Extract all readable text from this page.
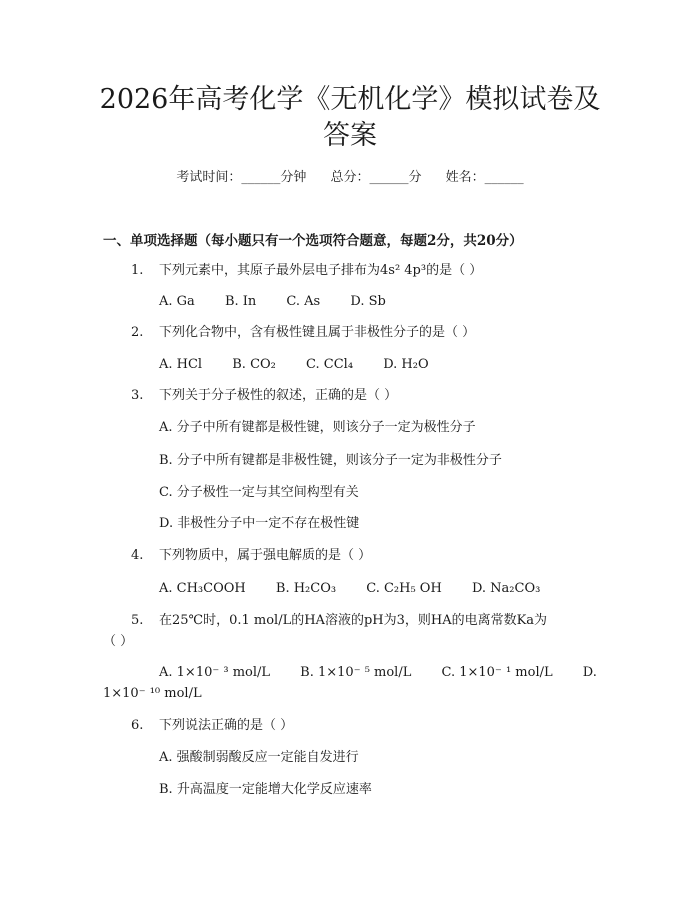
2026年高考化学《无机化学》模拟试卷及答案
考试时间：______分钟 总分：______分 姓名：______
一、单项选择题（每小题只有一个选项符合题意，每题2分，共20分）
1. 下列元素中，其原子最外层电子排布为4s² 4p³的是（ ）
A. Ga B. In C. As D. Sb
2. 下列化合物中，含有极性键且属于非极性分子的是（ ）
A. HCl B. CO₂ C. CCl₄ D. H₂O
3. 下列关于分子极性的叙述，正确的是（ ）
A. 分子中所有键都是极性键，则该分子一定为极性分子
B. 分子中所有键都是非极性键，则该分子一定为非极性分子
C. 分子极性一定与其空间构型有关
D. 非极性分子中一定不存在极性键
4. 下列物质中，属于强电解质的是（ ）
A. CH₃COOH B. H₂CO₃ C. C₂H₅ OH D. Na₂CO₃
5. 在25℃时，0.1 mol/L的HA溶液的pH为3，则HA的电离常数Ka为
（ ）
A. 1×10⁻ ³ mol/L B. 1×10⁻ ⁵ mol/L C. 1×10⁻ ¹ mol/L D.
1×10⁻ ¹⁰ mol/L
6. 下列说法正确的是（ ）
A. 强酸制弱酸反应一定能自发进行
B. 升高温度一定能增大化学反应速率
